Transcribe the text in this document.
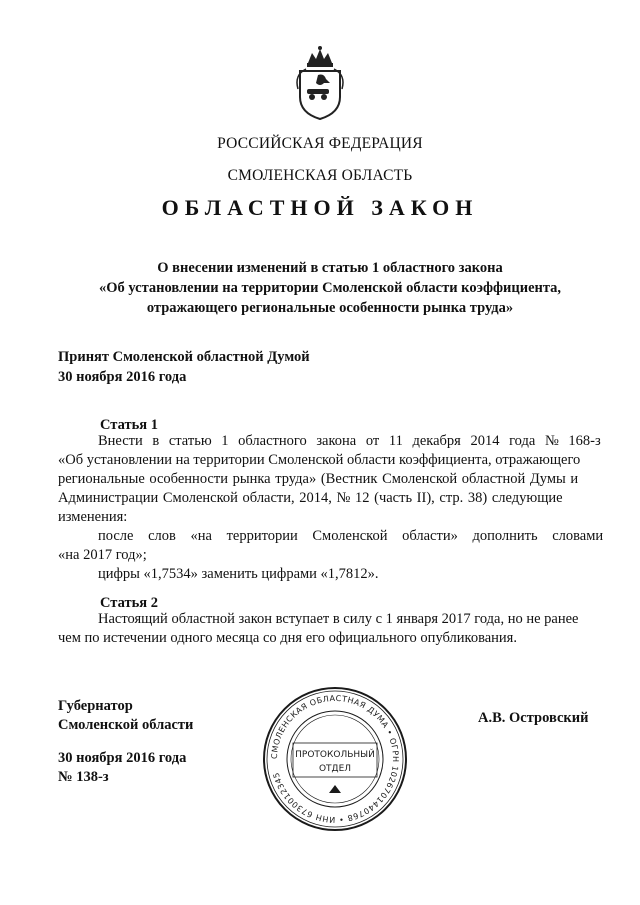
РОССИЙСКАЯ ФЕДЕРАЦИЯ
СМОЛЕНСКАЯ ОБЛАСТЬ
ОБЛАСТНОЙ ЗАКОН
О внесении изменений в статью 1 областного закона
«Об установлении на территории Смоленской области коэффициента,
отражающего региональные особенности рынка труда»
Принят Смоленской областной Думой
30 ноября 2016 года
Статья 1
Внести в статью 1 областного закона от 11 декабря 2014 года № 168-з
«Об установлении на территории Смоленской области коэффициента, отражающего
региональные особенности рынка труда» (Вестник Смоленской областной Думы и
Администрации Смоленской области, 2014, № 12 (часть II), стр. 38) следующие
изменения:
после слов «на территории Смоленской области» дополнить словами
«на 2017 год»;
цифры «1,7534» заменить цифрами «1,7812».
Статья 2
Настоящий областной закон вступает в силу с 1 января 2017 года, но не ранее
чем по истечении одного месяца со дня его официального опубликования.
Губернатор
Смоленской области
30 ноября 2016 года
№ 138-з
А.В. Островский
СМОЛЕНСКАЯ ОБЛАСТНАЯ ДУМА • ОГРН 1026701440768 • ИНН 6730012345
ПРОТОКОЛЬНЫЙ
ОТДЕЛ
